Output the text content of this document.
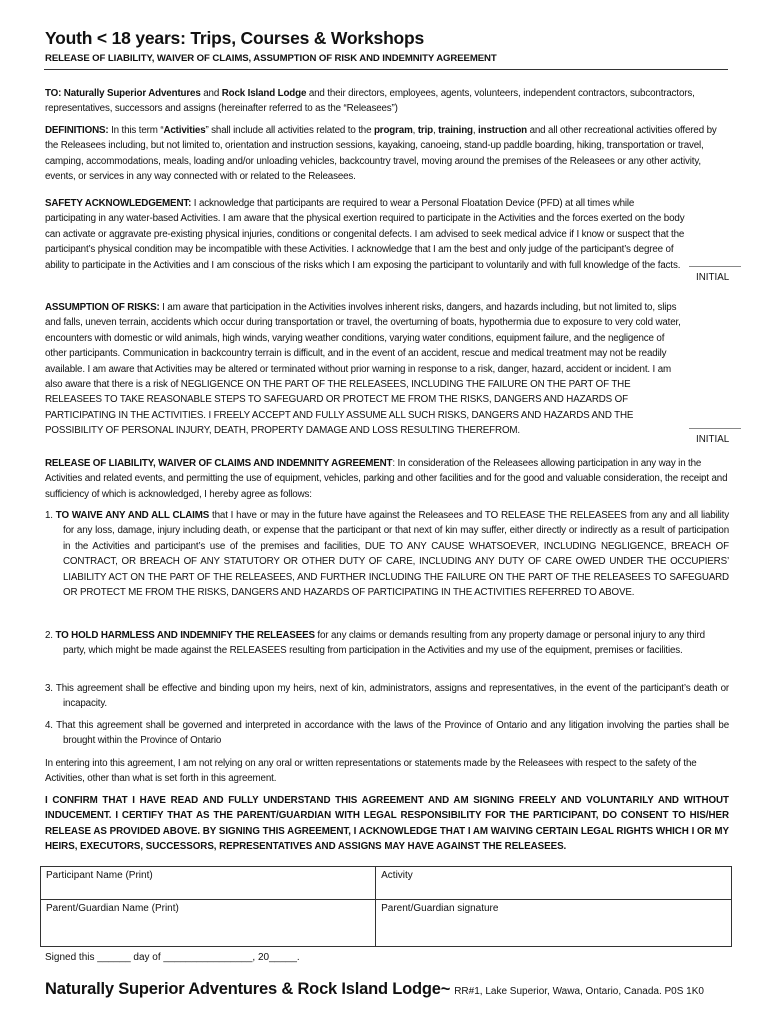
Youth < 18 years: Trips, Courses & Workshops
RELEASE OF LIABILITY, WAIVER OF CLAIMS, ASSUMPTION OF RISK AND INDEMNITY AGREEMENT
TO: Naturally Superior Adventures and Rock Island Lodge and their directors, employees, agents, volunteers, independent contractors, subcontractors, representatives, successors and assigns (hereinafter referred to as the “Releasees”)
DEFINITIONS: In this term “Activities” shall include all activities related to the program, trip, training, instruction and all other recreational activities offered by the Releasees including, but not limited to, orientation and instruction sessions, kayaking, canoeing, stand-up paddle boarding, hiking, transportation or travel, camping, accommodations, meals, loading and/or unloading vehicles, backcountry travel, moving around the premises of the Releasees or any other activity, events, or services in any way connected with or related to the Releasees.
SAFETY ACKNOWLEDGEMENT: I acknowledge that participants are required to wear a Personal Floatation Device (PFD) at all times while participating in any water-based Activities. I am aware that the physical exertion required to participate in the Activities and the forces exerted on the body can activate or aggravate pre-existing physical injuries, conditions or congenital defects. I am advised to seek medical advice if I know or suspect that the participant’s physical condition may be incompatible with these Activities. I acknowledge that I am the best and only judge of the participant’s degree of ability to participate in the Activities and I am conscious of the risks which I am exposing the participant to voluntarily and with full knowledge of the facts.
INITIAL
ASSUMPTION OF RISKS: I am aware that participation in the Activities involves inherent risks, dangers, and hazards including, but not limited to, slips and falls, uneven terrain, accidents which occur during transportation or travel, the overturning of boats, hypothermia due to exposure to very cold water, encounters with domestic or wild animals, high winds, varying weather conditions, varying water conditions, equipment failure, and the negligence of other participants. Communication in backcountry terrain is difficult, and in the event of an accident, rescue and medical treatment may not be readily available. I am aware that Activities may be altered or terminated without prior warning in response to a risk, danger, hazard, accident or incident. I am also aware that there is a risk of NEGLIGENCE ON THE PART OF THE RELEASEES, INCLUDING THE FAILURE ON THE PART OF THE RELEASEES TO TAKE REASONABLE STEPS TO SAFEGUARD OR PROTECT ME FROM THE RISKS, DANGERS AND HAZARDS OF PARTICIPATING IN THE ACTIVITIES. I FREELY ACCEPT AND FULLY ASSUME ALL SUCH RISKS, DANGERS AND HAZARDS AND THE POSSIBILITY OF PERSONAL INJURY, DEATH, PROPERTY DAMAGE AND LOSS RESULTING THEREFROM.
INITIAL
RELEASE OF LIABILITY, WAIVER OF CLAIMS AND INDEMNITY AGREEMENT: In consideration of the Releasees allowing participation in any way in the Activities and related events, and permitting the use of equipment, vehicles, parking and other facilities and for the good and valuable consideration, the receipt and sufficiency of which is acknowledged, I hereby agree as follows:
1. TO WAIVE ANY AND ALL CLAIMS that I have or may in the future have against the Releasees and TO RELEASE THE RELEASEES from any and all liability for any loss, damage, injury including death, or expense that the participant or that next of kin may suffer, either directly or indirectly as a result of participation in the Activities and participant’s use of the premises and facilities, DUE TO ANY CAUSE WHATSOEVER, INCLUDING NEGLIGENCE, BREACH OF CONTRACT, OR BREACH OF ANY STATUTORY OR OTHER DUTY OF CARE, INCLUDING ANY DUTY OF CARE OWED UNDER THE OCCUPIERS’ LIABILITY ACT ON THE PART OF THE RELEASEES, AND FURTHER INCLUDING THE FAILURE ON THE PART OF THE RELEASEES TO SAFEGUARD OR PROTECT ME FROM THE RISKS, DANGERS AND HAZARDS OF PARTICIPATING IN THE ACTIVITIES REFERRED TO ABOVE.
2. TO HOLD HARMLESS AND INDEMNIFY THE RELEASEES for any claims or demands resulting from any property damage or personal injury to any third party, which might be made against the RELEASEES resulting from participation in the Activities and my use of the equipment, premises or facilities.
3. This agreement shall be effective and binding upon my heirs, next of kin, administrators, assigns and representatives, in the event of the participant’s death or incapacity.
4. That this agreement shall be governed and interpreted in accordance with the laws of the Province of Ontario and any litigation involving the parties shall be brought within the Province of Ontario
In entering into this agreement, I am not relying on any oral or written representations or statements made by the Releasees with respect to the safety of the Activities, other than what is set forth in this agreement.
I CONFIRM THAT I HAVE READ AND FULLY UNDERSTAND THIS AGREEMENT AND AM SIGNING FREELY AND VOLUNTARILY AND WITHOUT INDUCEMENT. I CERTIFY THAT AS THE PARENT/GUARDIAN WITH LEGAL RESPONSIBILITY FOR THE PARTICIPANT, DO CONSENT TO HIS/HER RELEASE AS PROVIDED ABOVE. BY SIGNING THIS AGREEMENT, I ACKNOWLEDGE THAT I AM WAIVING CERTAIN LEGAL RIGHTS WHICH I OR MY HEIRS, EXECUTORS, SUCCESSORS, REPRESENTATIVES AND ASSIGNS MAY HAVE AGAINST THE RELEASEES.
Participant Name (Print)	Activity
Parent/Guardian Name (Print)	Parent/Guardian signature
Signed this ______ day of ________________, 20_____.
Naturally Superior Adventures & Rock Island Lodge~ RR#1, Lake Superior, Wawa, Ontario, Canada. P0S 1K0
